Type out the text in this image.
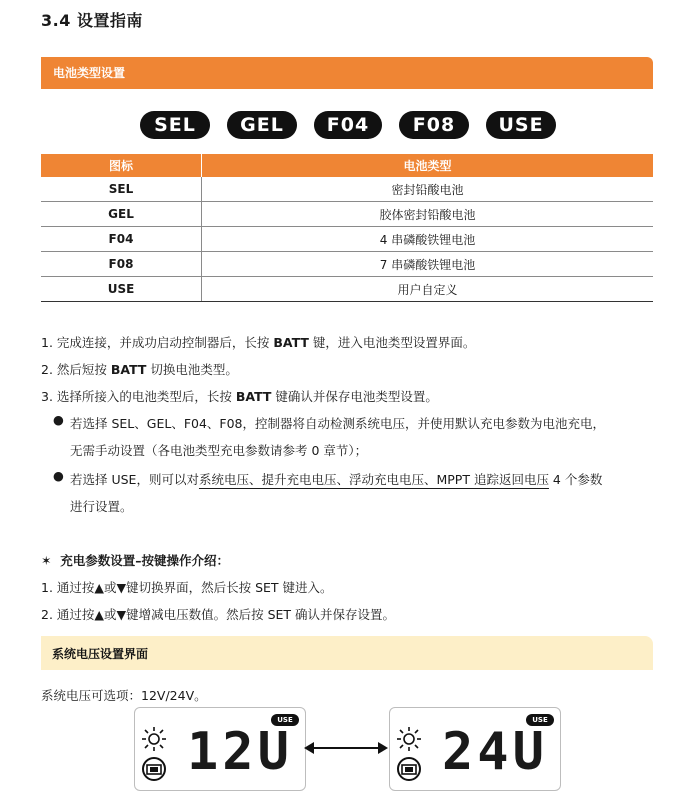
3.4 设置指南
电池类型设置
SEL	GEL	F04	F08	USE
图标	电池类型
SEL	密封铅酸电池
GEL	胶体密封铅酸电池
F04	4 串磷酸铁锂电池
F08	7 串磷酸铁锂电池
USE	用户自定义
1. 完成连接，并成功启动控制器后，长按 BATT 键，进入电池类型设置界面。
2. 然后短按 BATT 切换电池类型。
3. 选择所接入的电池类型后，长按 BATT 键确认并保存电池类型设置。
● 若选择 SEL、GEL、F04、F08，控制器将自动检测系统电压，并使用默认充电参数为电池充电，
无需手动设置（各电池类型充电参数请参考 0 章节）；
● 若选择 USE，则可以对系统电压、提升充电电压、浮动充电电压、MPPT 追踪返回电压 4 个参数
进行设置。
✶ 充电参数设置–按键操作介绍：
1. 通过按▲或▼键切换界面，然后长按 SET 键进入。
2. 通过按▲或▼键增减电压数值。然后按 SET 确认并保存设置。
系统电压设置界面
系统电压可选项：12V/24V。
USE
12U
USE
24U
